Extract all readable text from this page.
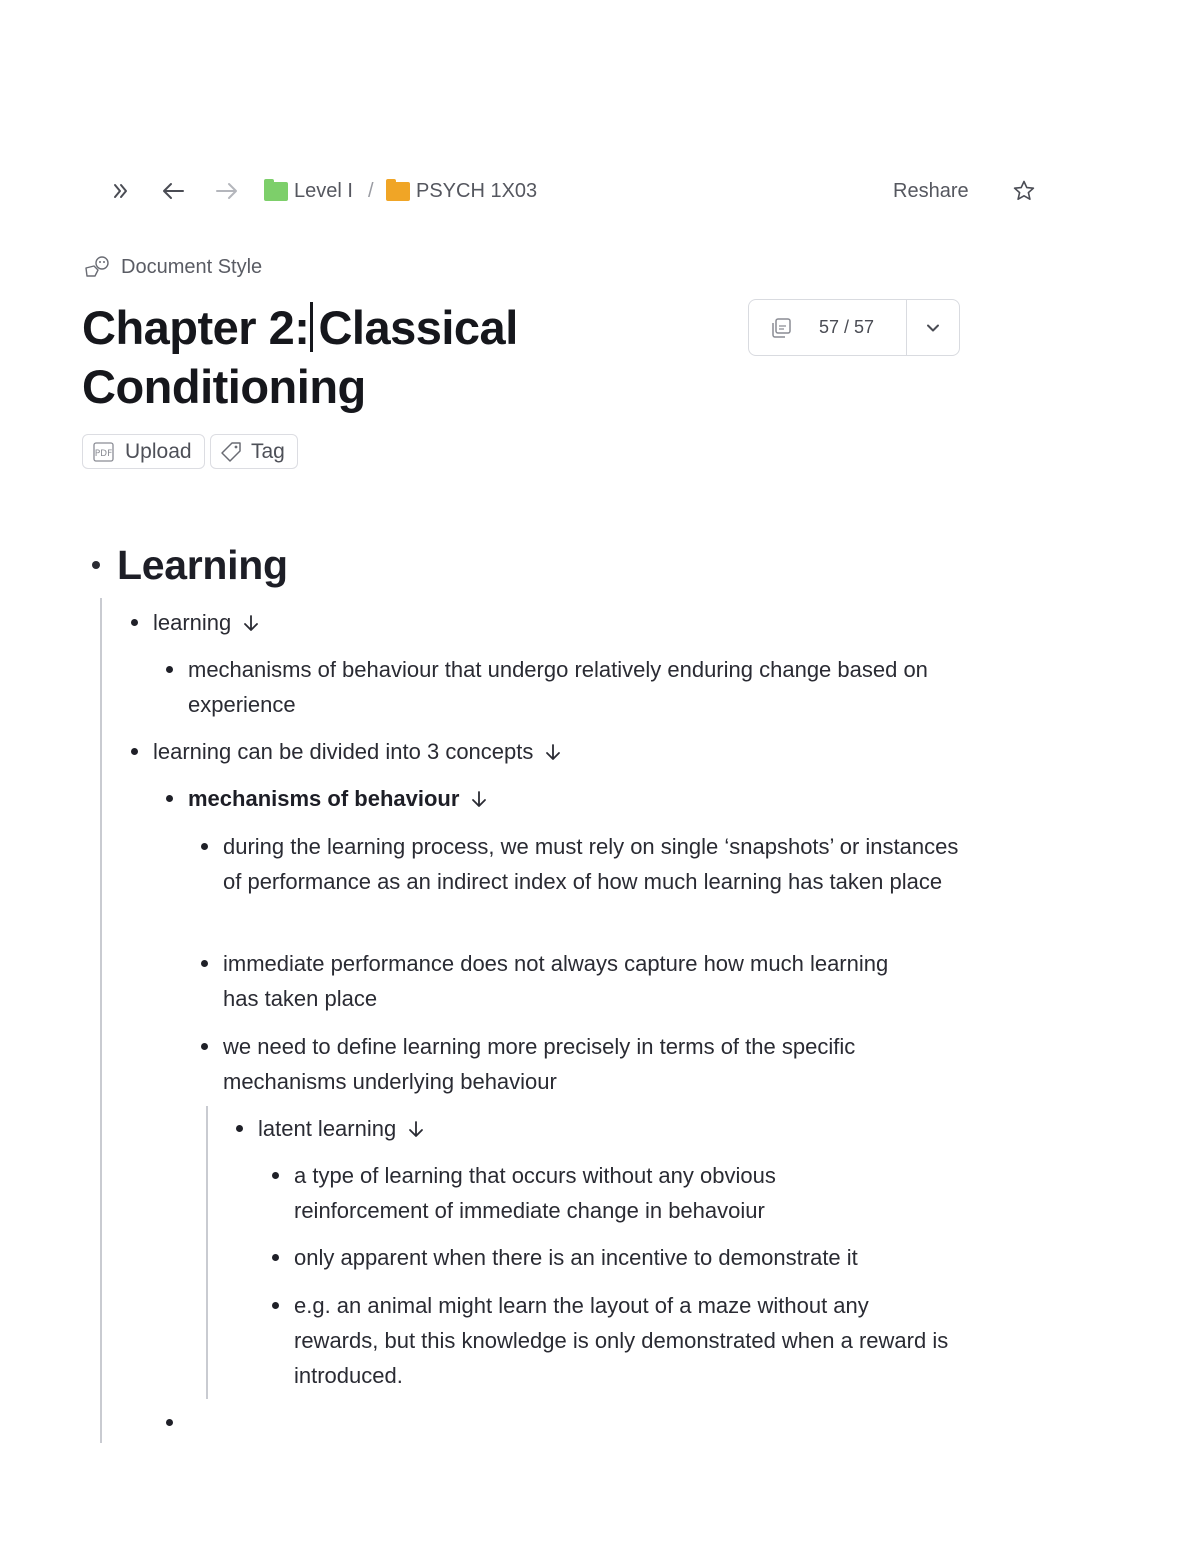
Level I / PSYCH 1X03	Reshare
Document Style
Chapter 2: Classical Conditioning
57 / 57
PDF Upload	Tag
Learning
learning
mechanisms of behaviour that undergo relatively enduring change based on experience
learning can be divided into 3 concepts
mechanisms of behaviour
during the learning process, we must rely on single ‘snapshots’ or instances of performance as an indirect index of how much learning has taken place
immediate performance does not always capture how much learning has taken place
we need to define learning more precisely in terms of the specific mechanisms underlying behaviour
latent learning
a type of learning that occurs without any obvious reinforcement of immediate change in behavoiur
only apparent when there is an incentive to demonstrate it
e.g. an animal might learn the layout of a maze without any rewards, but this knowledge is only demonstrated when a reward is introduced.
